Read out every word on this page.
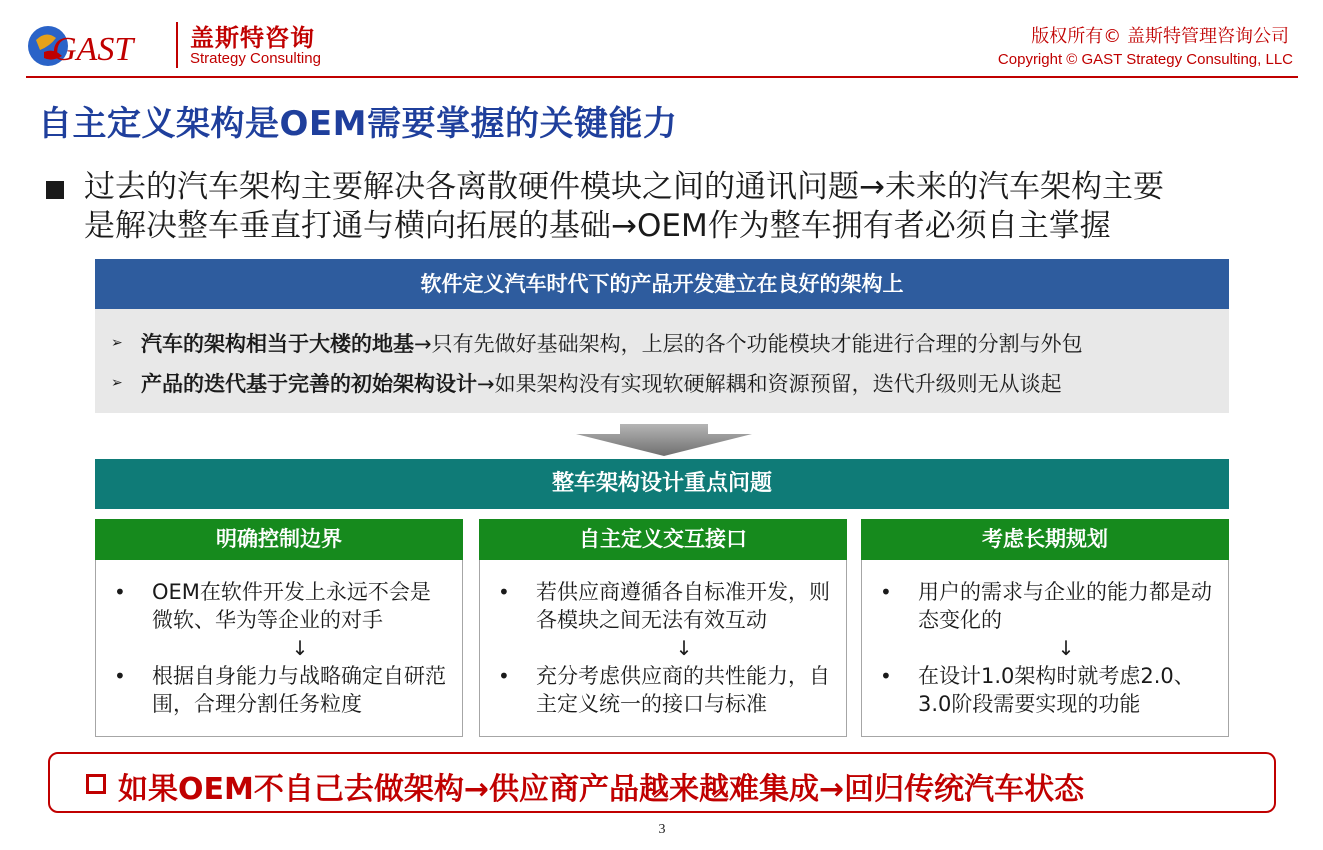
GAST 盖斯特咨询
Strategy Consulting
版权所有© 盖斯特管理咨询公司
Copyright © GAST Strategy Consulting, LLC
自主定义架构是OEM需要掌握的关键能力
过去的汽车架构主要解决各离散硬件模块之间的通讯问题→未来的汽车架构主要
是解决整车垂直打通与横向拓展的基础→OEM作为整车拥有者必须自主掌握
软件定义汽车时代下的产品开发建立在良好的架构上
➢ 汽车的架构相当于大楼的地基 →只有先做好基础架构，上层的各个功能模块才能进行合理的分割与外包
➢ 产品的迭代基于完善的初始架构设计 →如果架构没有实现软硬解耦和资源预留，迭代升级则无从谈起
整车架构设计重点问题
明确控制边界
•	OEM在软件开发上永远不会是微软、华为等企业的对手
↓
•	根据自身能力与战略确定自研范围，合理分割任务粒度
自主定义交互接口
•	若供应商遵循各自标准开发，则各模块之间无法有效互动
↓
•	充分考虑供应商的共性能力，自主定义统一的接口与标准
考虑长期规划
•	用户的需求与企业的能力都是动态变化的
↓
•	在设计1.0架构时就考虑2.0、3.0阶段需要实现的功能
如果OEM不自己去做架构→供应商产品越来越难集成→回归传统汽车状态
3
